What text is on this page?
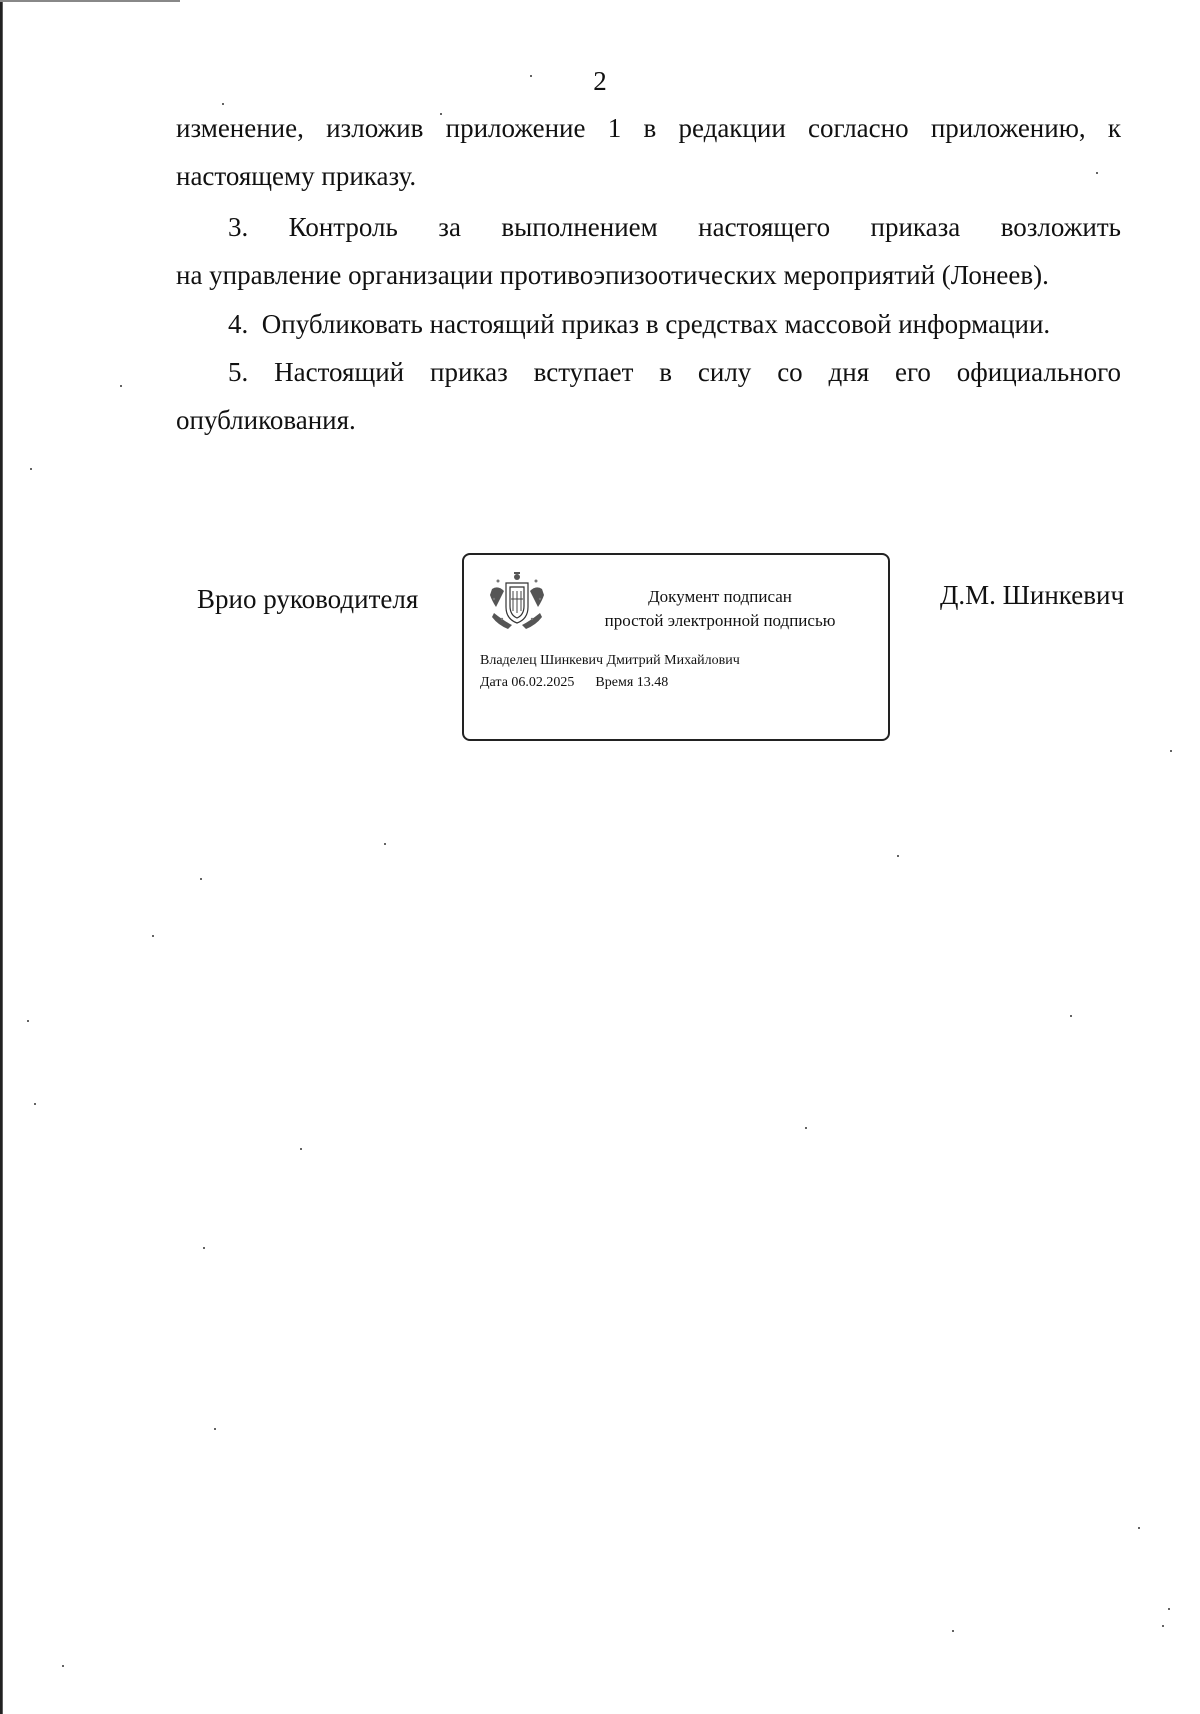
2
изменение, изложив приложение 1 в редакции согласно приложению, к
настоящему приказу.
3. Контроль за выполнением настоящего приказа возложить
на управление организации противоэпизоотических мероприятий (Лонеев).
4.  Опубликовать настоящий приказ в средствах массовой информации.
5. Настоящий приказ вступает в силу со дня его официального
опубликования.
Врио руководителя	Документ подписан
простой электронной подписью
Владелец Шинкевич Дмитрий Михайлович
Дата 06.02.2025 Время 13.48
Д.М. Шинкевич
